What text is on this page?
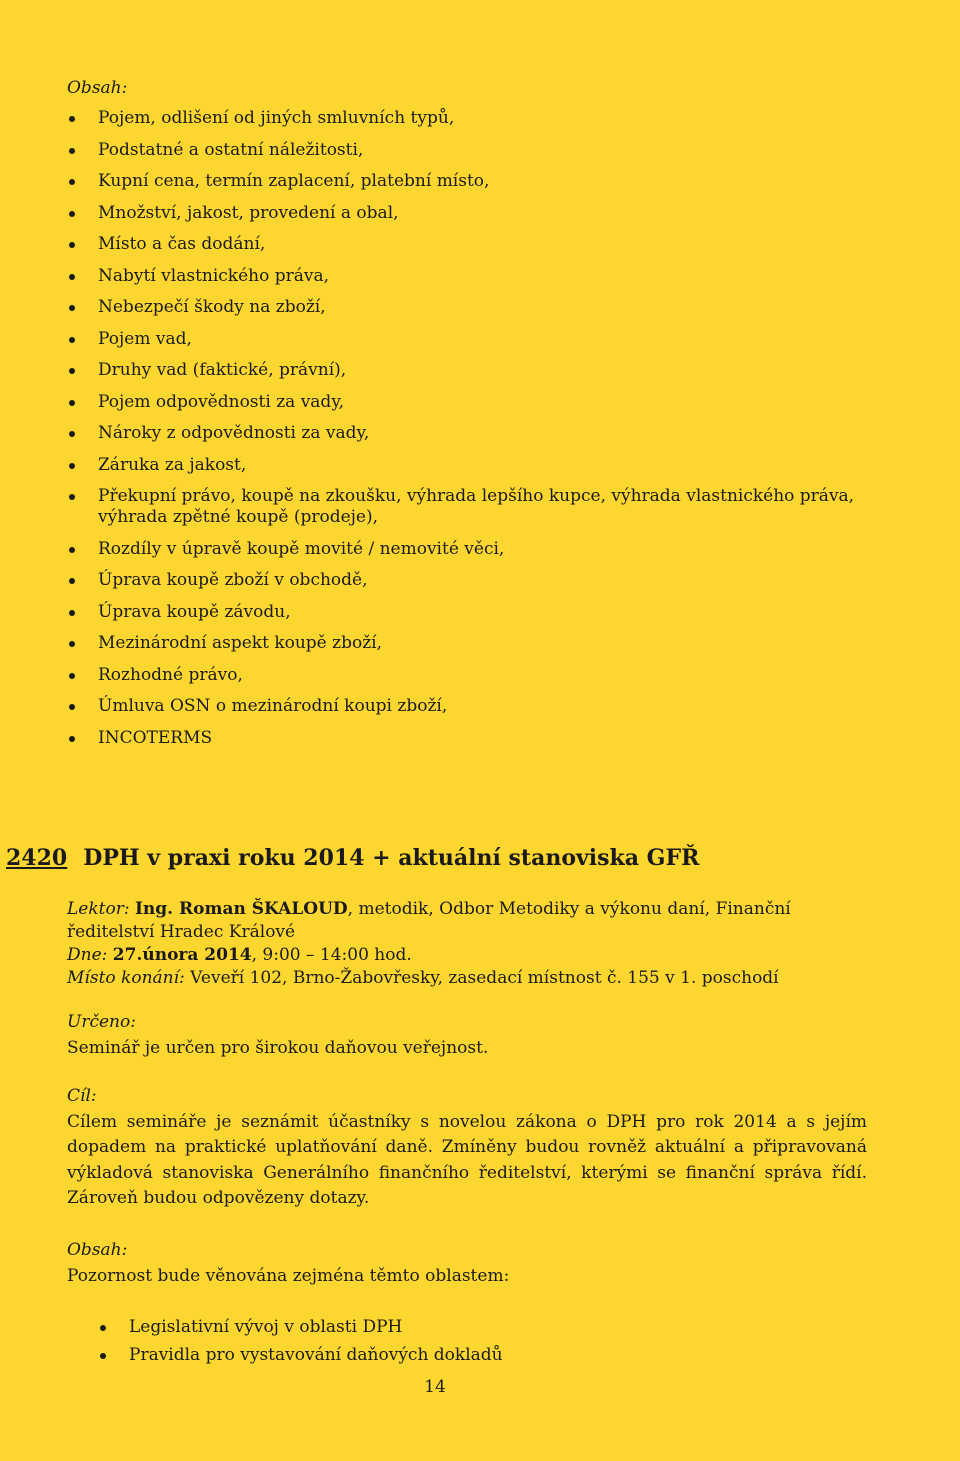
Obsah:
Pojem, odlišení od jiných smluvních typů,
Podstatné a ostatní náležitosti,
Kupní cena, termín zaplacení, platební místo,
Množství, jakost, provedení a obal,
Místo a čas dodání,
Nabytí vlastnického práva,
Nebezpečí škody na zboží,
Pojem vad,
Druhy vad (faktické, právní),
Pojem odpovědnosti za vady,
Nároky z odpovědnosti za vady,
Záruka za jakost,
Překupní právo, koupě na zkoušku, výhrada lepšího kupce, výhrada vlastnického práva, výhrada zpětné koupě (prodeje),
Rozdíly v úpravě koupě movité / nemovité věci,
Úprava koupě zboží v obchodě,
Úprava koupě závodu,
Mezinárodní aspekt koupě zboží,
Rozhodné právo,
Úmluva OSN o mezinárodní koupi zboží,
INCOTERMS
2420 DPH v praxi roku 2014 + aktuální stanoviska GFŘ

Lektor: Ing. Roman ŠKALOUD, metodik, Odbor Metodiky a výkonu daní, Finanční ředitelství Hradec Králové

Dne: 27.února 2014, 9:00 – 14:00 hod.

Místo konání: Veveří 102, Brno-Žabovřesky, zasedací místnost č. 155 v 1. poschodí

Určeno:

Seminář je určen pro širokou daňovou veřejnost.

Cíl:

Cílem semináře je seznámit účastníky s novelou zákona o DPH pro rok 2014 a s jejím dopadem na praktické uplatňování daně. Zmíněny budou rovněž aktuální a připravovaná výkladová stanoviska Generálního finančního ředitelství, kterými se finanční správa řídí. Zároveň budou odpovězeny dotazy.

Obsah:

Pozornost bude věnována zejména těmto oblastem:

Legislativní vývoj v oblasti DPH
Pravidla pro vystavování daňových dokladů
14
